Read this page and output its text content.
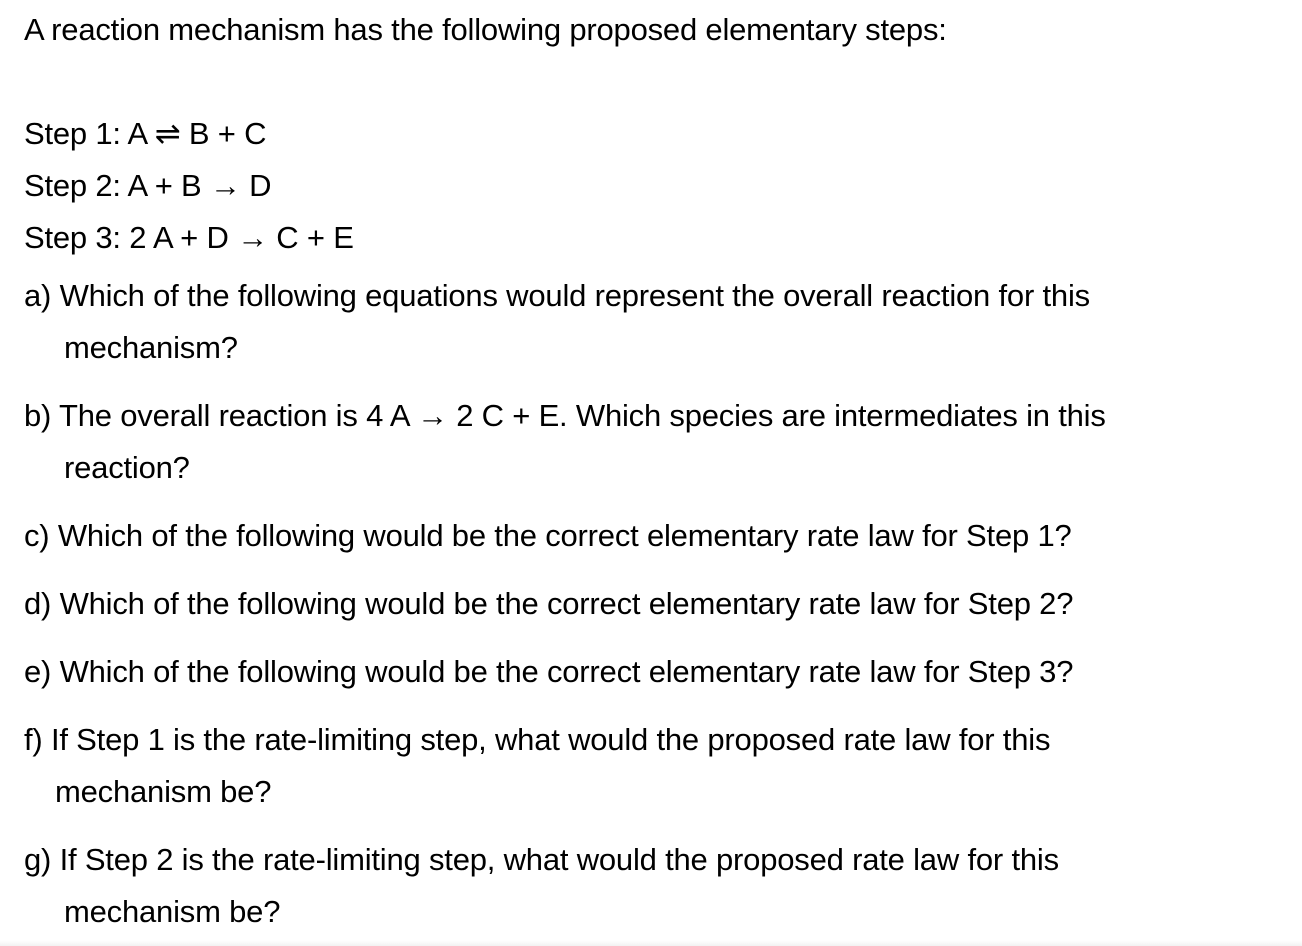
A reaction mechanism has the following proposed elementary steps:
Step 1: A ⇌ B + C
Step 2: A + B → D
Step 3: 2 A + D → C + E
a) Which of the following equations would represent the overall reaction for this
mechanism?
b) The overall reaction is 4 A → 2 C + E. Which species are intermediates in this
reaction?
c) Which of the following would be the correct elementary rate law for Step 1?
d) Which of the following would be the correct elementary rate law for Step 2?
e) Which of the following would be the correct elementary rate law for Step 3?
f) If Step 1 is the rate-limiting step, what would the proposed rate law for this
mechanism be?
g) If Step 2 is the rate-limiting step, what would the proposed rate law for this
mechanism be?
